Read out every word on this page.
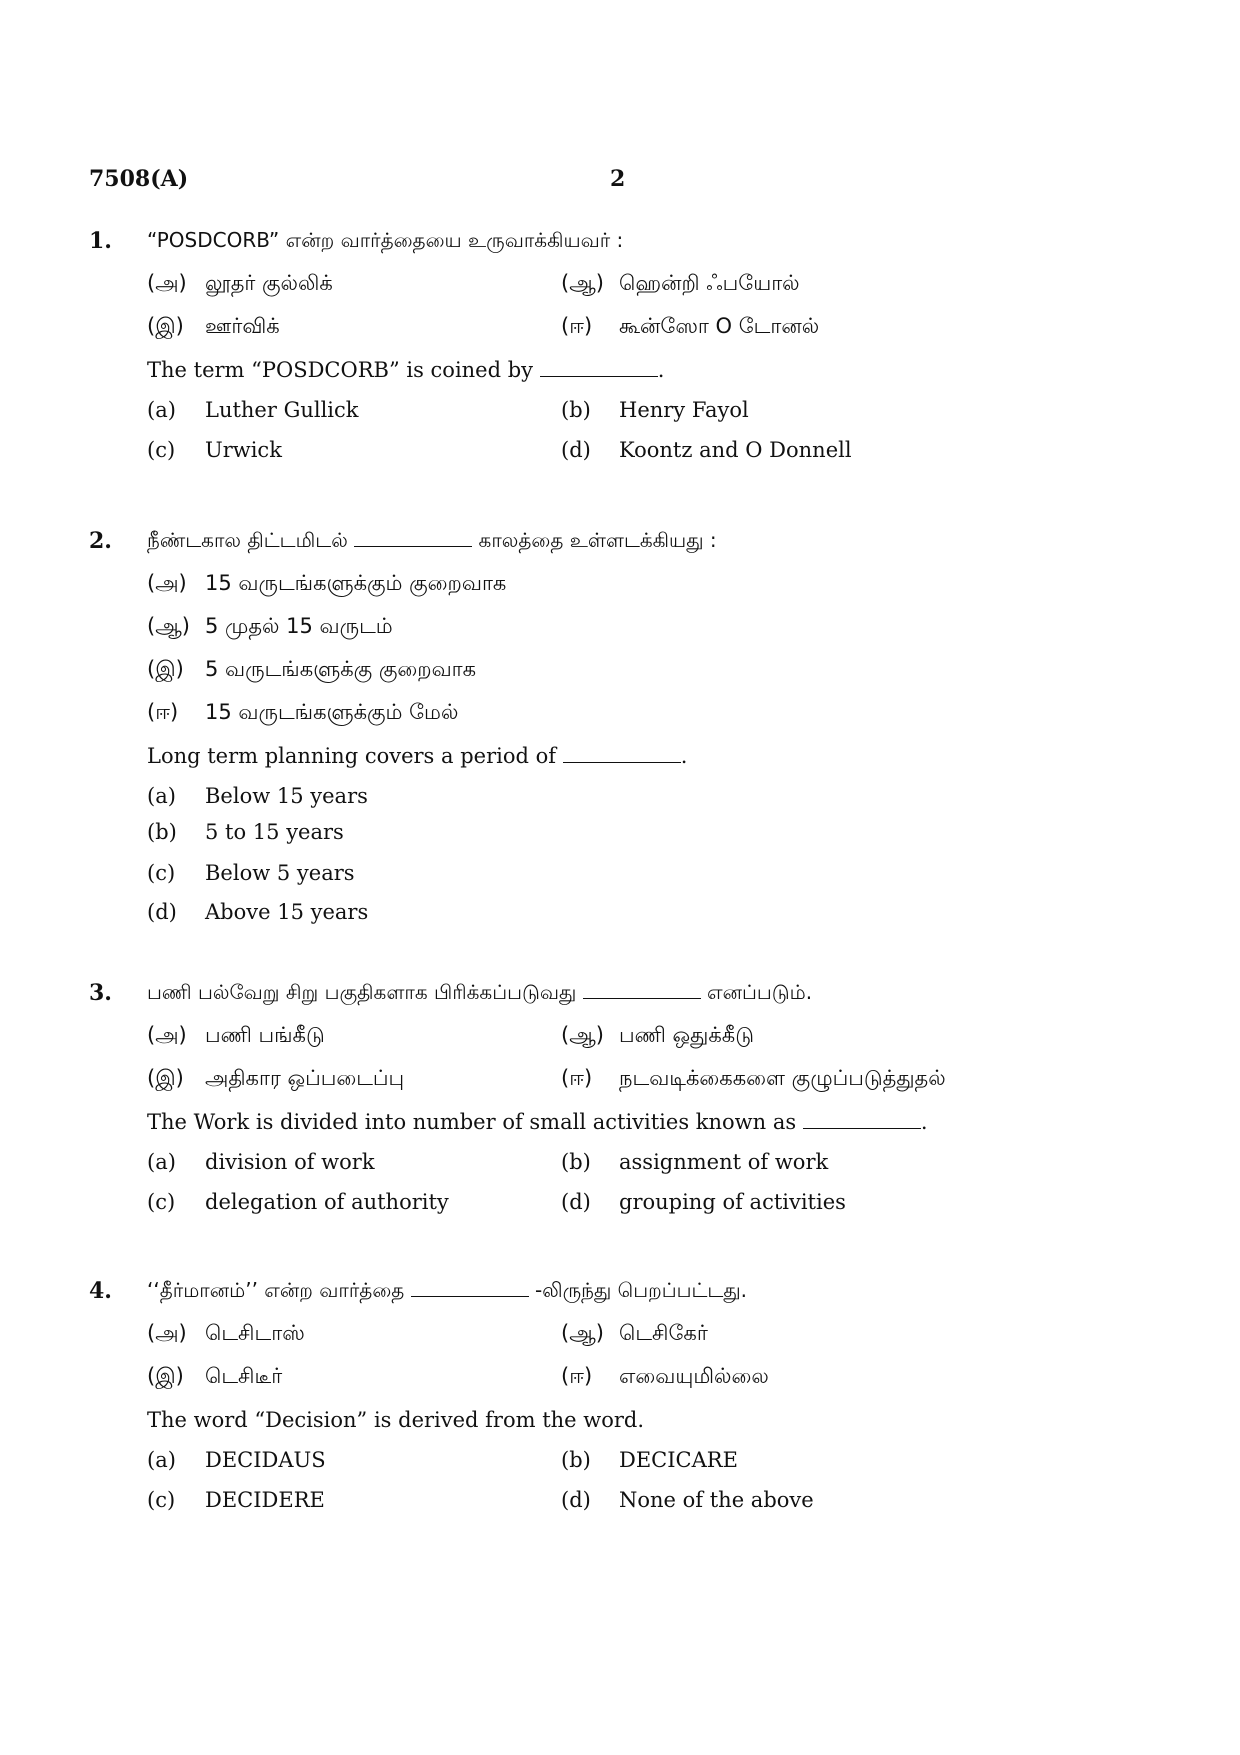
7508(A)	2
1. “POSDCORB” என்ற வார்த்தையை உருவாக்கியவர் :
(அ) லூதர் குல்லிக்	(ஆ) ஹென்றி ஃபயோல்
(இ) ஊர்விக்	(ஈ) கூன்ஸோ O டோனல்
The term “POSDCORB” is coined by	.
(a) Luther Gullick	(b) Henry Fayol
(c) Urwick	(d) Koontz and O Donnell
2. நீண்டகால திட்டமிடல்	காலத்தை உள்ளடக்கியது :
(அ) 15 வருடங்களுக்கும் குறைவாக
(ஆ) 5 முதல் 15 வருடம்
(இ) 5 வருடங்களுக்கு குறைவாக
(ஈ) 15 வருடங்களுக்கும் மேல்
Long term planning covers a period of	.
(a) Below 15 years
(b) 5 to 15 years
(c) Below 5 years
(d) Above 15 years
3. பணி பல்வேறு சிறு பகுதிகளாக பிரிக்கப்படுவது	எனப்படும்.
(அ) பணி பங்கீடு	(ஆ) பணி ஒதுக்கீடு
(இ) அதிகார ஒப்படைப்பு	(ஈ) நடவடிக்கைகளை குழுப்படுத்துதல்
The Work is divided into number of small activities known as	.
(a) division of work	(b) assignment of work
(c) delegation of authority	(d) grouping of activities
4. ‘‘தீர்மானம்’’ என்ற வார்த்தை	-லிருந்து பெறப்பட்டது.
(அ) டெசிடாஸ்	(ஆ) டெசிகேர்
(இ) டெசிடீர்	(ஈ) எவையுமில்லை
The word “Decision” is derived from the word.
(a) DECIDAUS	(b) DECICARE
(c) DECIDERE	(d) None of the above
